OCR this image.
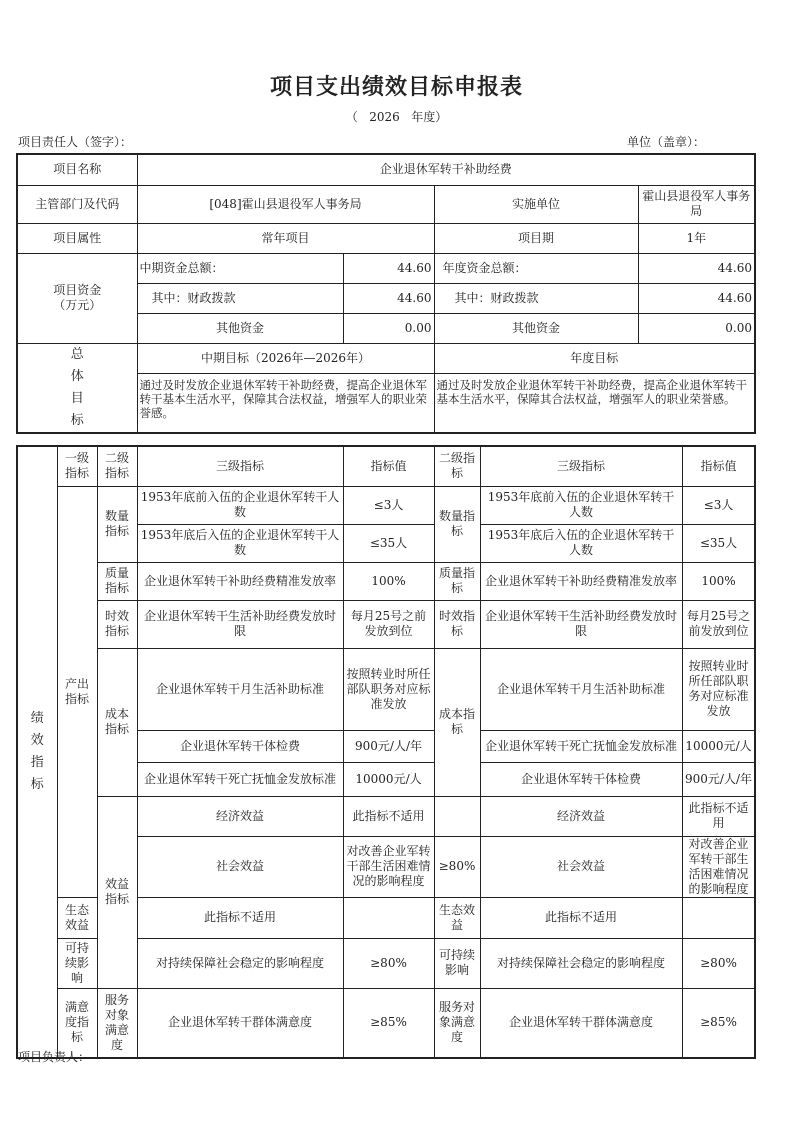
项目支出绩效目标申报表
（   2026   年度）
项目责任人（签字）：	单位（盖章）：
项目名称	企业退休军转干补助经费			
主管部门及代码	[048]霍山县退役军人事务局		实施单位	霍山县退役军人事务局
项目属性	常年项目		项目期	1年
项目资金（万元）	中期资金总额：	44.60	年度资金总额：	44.60
	其中：财政拨款	44.60	其中：财政拨款	44.60
	其他资金	0.00	其他资金	0.00
总体目标	中期目标（2026年—2026年）		年度目标	
	通过及时发放企业退休军转干补助经费，提高企业退休军转干基本生活水平，保障其合法权益，增强军人的职业荣誉感。		通过及时发放企业退休军转干补助经费，提高企业退休军转干基本生活水平，保障其合法权益，增强军人的职业荣誉感。	
绩效指标	一级指标	二级指标	三级指标	指标值	二级指标	三级指标	指标值	
	产出指标	数量指标	1953年底前入伍的企业退休军转干人数	≤3人	数量指标	1953年底前入伍的企业退休军转干人数	≤3人	
			1953年底后入伍的企业退休军转干人数	≤35人		1953年底后入伍的企业退休军转干人数	≤35人	
		质量指标	企业退休军转干补助经费精准发放率	100%	质量指标	企业退休军转干补助经费精准发放率	100%	
		时效指标	企业退休军转干生活补助经费发放时限	每月25号之前发放到位	时效指标	企业退休军转干生活补助经费发放时限	每月25号之前发放到位	
		成本指标	企业退休军转干月生活补助标准	按照转业时所任部队职务对应标准发放	成本指标	企业退休军转干月生活补助标准	按照转业时所任部队职务对应标准发放	
			企业退休军转干体检费	900元/人/年		企业退休军转干死亡抚恤金发放标准	10000元/人	
			企业退休军转干死亡抚恤金发放标准	10000元/人		企业退休军转干体检费	900元/人/年	
		效益指标	经济效益	此指标不适用		经济效益	此指标不适用	
			社会效益	对改善企业军转干部生活困难情况的影响程度	≥80%	社会效益	对改善企业军转干部生活困难情况的影响程度	
	生态效益		此指标不适用		生态效益	此指标不适用		
	可持续影响		对持续保障社会稳定的影响程度	≥80%	可持续影响	对持续保障社会稳定的影响程度	≥80%	
	满意度指标	服务对象满意度	企业退休军转干群体满意度	≥85%	服务对象满意度	企业退休军转干群体满意度	≥85%	
项目负责人：
